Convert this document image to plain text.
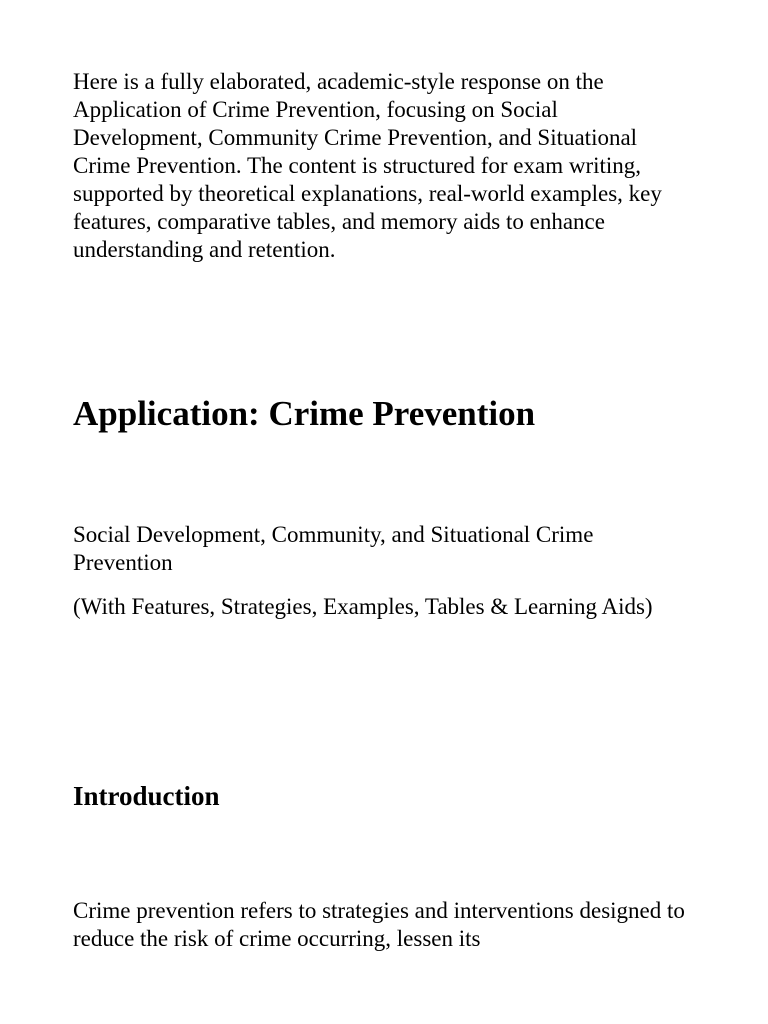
Here is a fully elaborated, academic-style response on the Application of Crime Prevention, focusing on Social Development, Community Crime Prevention, and Situational Crime Prevention. The content is structured for exam writing, supported by theoretical explanations, real-world examples, key features, comparative tables, and memory aids to enhance understanding and retention.

Application: Crime Prevention

Social Development, Community, and Situational Crime Prevention

(With Features, Strategies, Examples, Tables & Learning Aids)

Introduction

Crime prevention refers to strategies and interventions designed to reduce the risk of crime occurring, lessen its
